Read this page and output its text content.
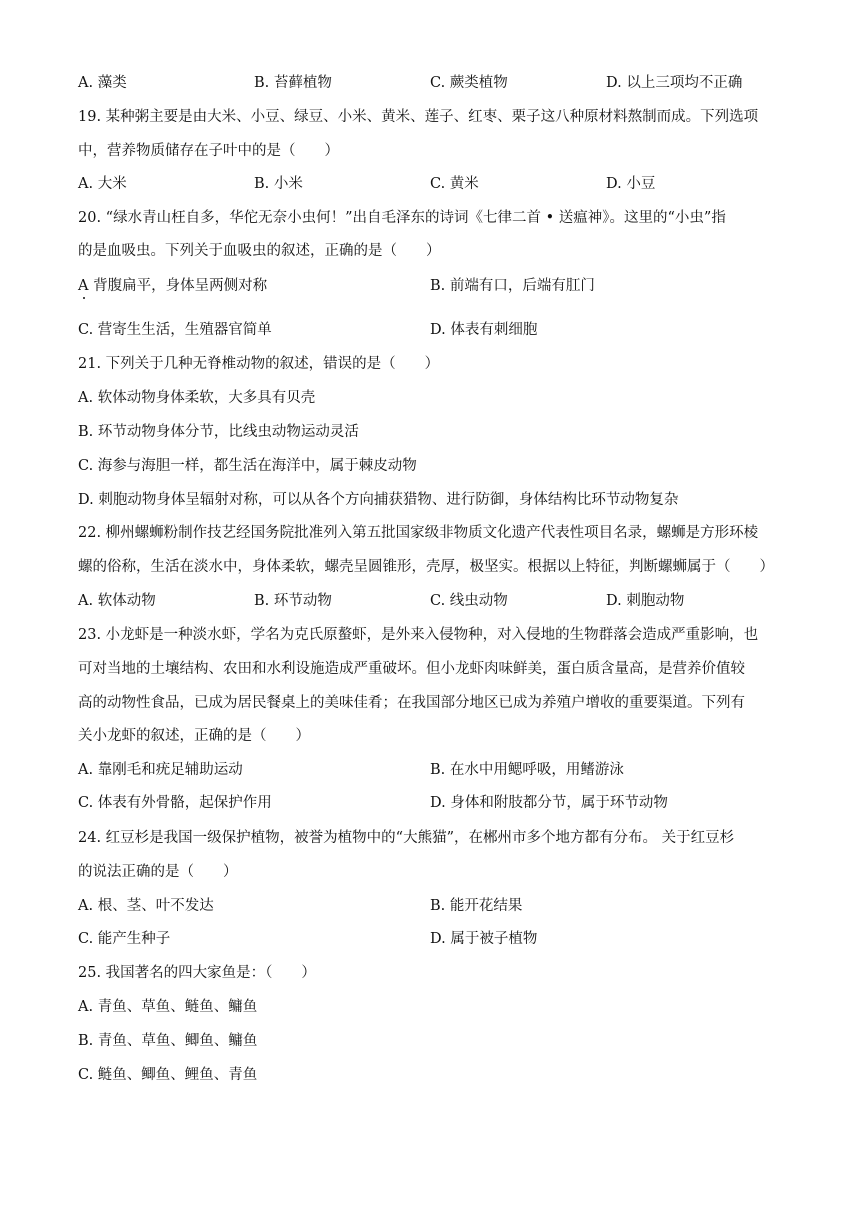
A. 藻类	B. 苔藓植物	C. 蕨类植物	D. 以上三项均不正确
19. 某种粥主要是由大米、小豆、绿豆、小米、黄米、莲子、红枣、栗子这八种原材料熬制而成。下列选项
中，营养物质储存在子叶中的是（　　）
A. 大米	B. 小米	C. 黄米	D. 小豆
20. “绿水青山枉自多，华佗无奈小虫何！”出自毛泽东的诗词《七律二首 • 送瘟神》。这里的“小虫”指
的是血吸虫。下列关于血吸虫的叙述，正确的是（　　）
A 背腹扁平，身体呈两侧对称	B. 前端有口，后端有肛门
C. 营寄生生活，生殖器官简单	D. 体表有刺细胞
21. 下列关于几种无脊椎动物的叙述，错误的是（　　）
A. 软体动物身体柔软，大多具有贝壳
B. 环节动物身体分节，比线虫动物运动灵活
C. 海参与海胆一样，都生活在海洋中，属于棘皮动物
D. 刺胞动物身体呈辐射对称，可以从各个方向捕获猎物、进行防御，身体结构比环节动物复杂
22. 柳州螺蛳粉制作技艺经国务院批准列入第五批国家级非物质文化遗产代表性项目名录，螺蛳是方形环棱
螺的俗称，生活在淡水中，身体柔软，螺壳呈圆锥形，壳厚，极坚实。根据以上特征，判断螺蛳属于（　　）
A. 软体动物	B. 环节动物	C. 线虫动物	D. 刺胞动物
23. 小龙虾是一种淡水虾，学名为克氏原螯虾，是外来入侵物种，对入侵地的生物群落会造成严重影响，也
可对当地的土壤结构、农田和水利设施造成严重破坏。但小龙虾肉味鲜美，蛋白质含量高，是营养价值较
高的动物性食品，已成为居民餐桌上的美味佳肴；在我国部分地区已成为养殖户增收的重要渠道。下列有
关小龙虾的叙述，正确的是（　　）
A. 靠刚毛和疣足辅助运动	B. 在水中用鳃呼吸，用鳍游泳
C. 体表有外骨骼，起保护作用	D. 身体和附肢都分节，属于环节动物
24. 红豆杉是我国一级保护植物，被誉为植物中的“大熊猫”，在郴州市多个地方都有分布。 关于红豆杉
的说法正确的是（　　）
A. 根、茎、叶不发达	B. 能开花结果
C. 能产生种子	D. 属于被子植物
25. 我国著名的四大家鱼是：（　　）
A. 青鱼、草鱼、鲢鱼、鳙鱼
B. 青鱼、草鱼、鲫鱼、鳙鱼
C. 鲢鱼、鲫鱼、鲤鱼、青鱼
